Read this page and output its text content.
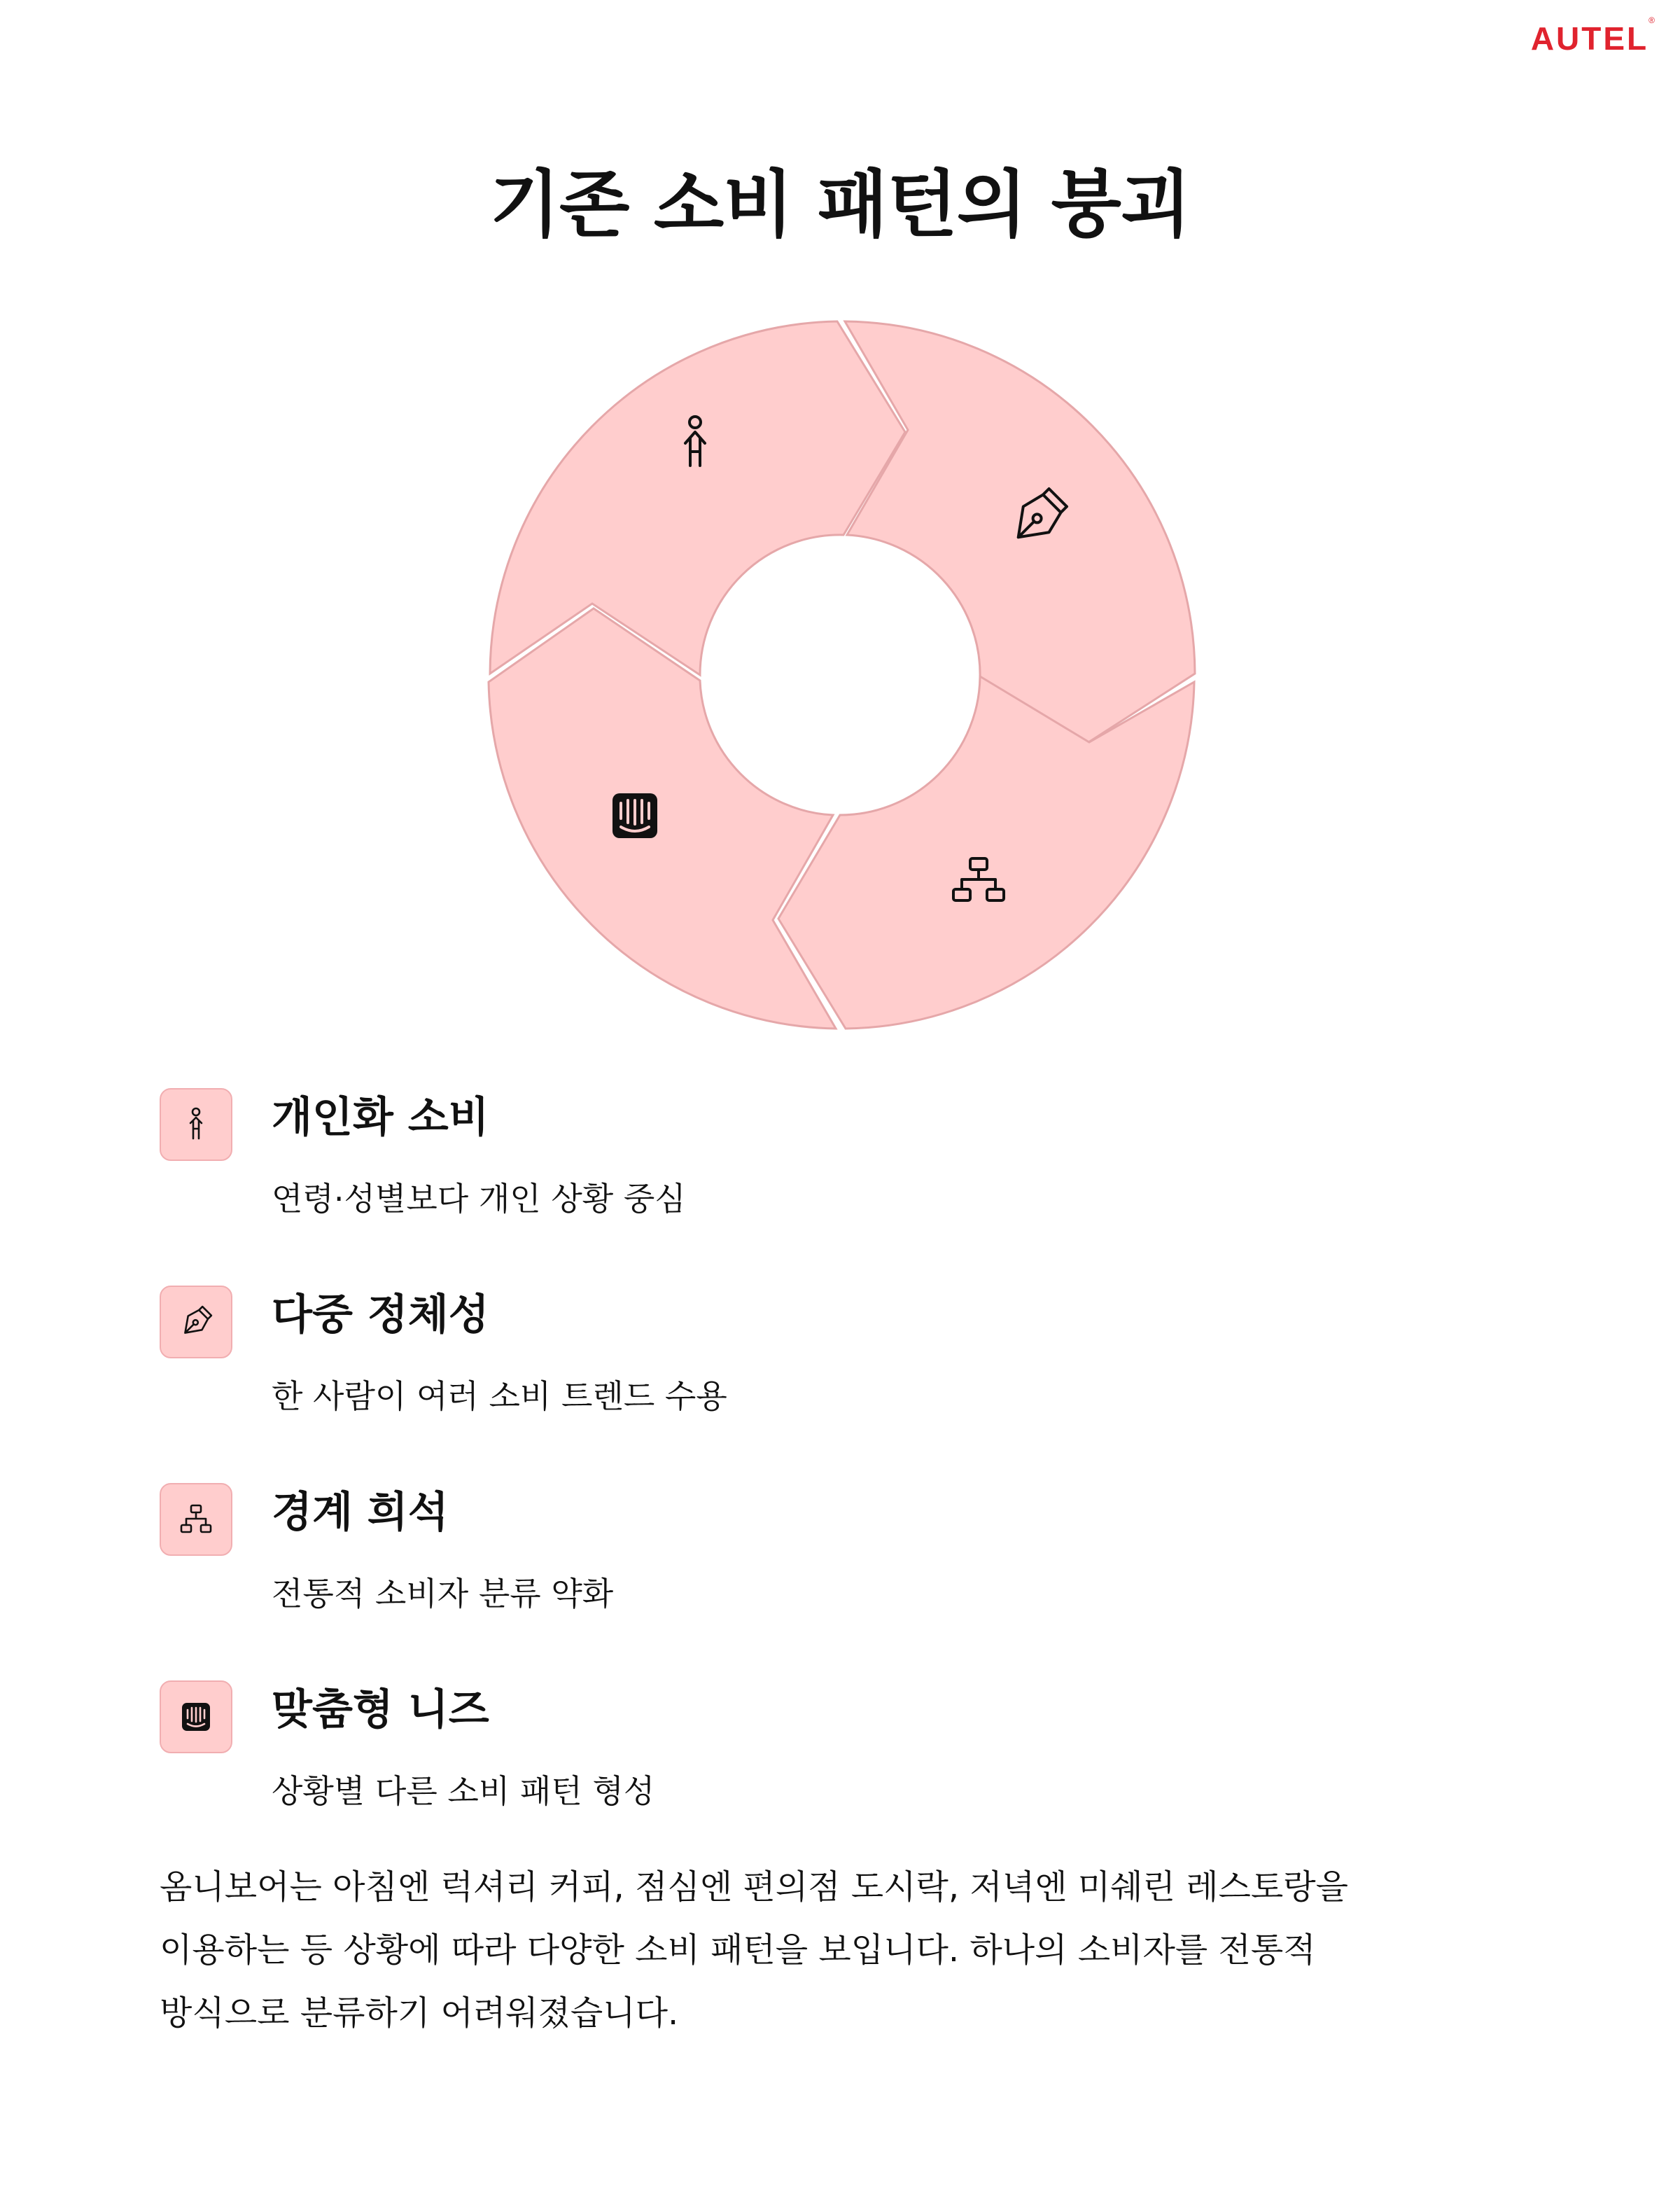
AUTEL®
기존 소비 패턴의 붕괴
개인화 소비
연령·성별보다 개인 상황 중심
다중 정체성
한 사람이 여러 소비 트렌드 수용
경계 희석
전통적 소비자 분류 약화
맞춤형 니즈
상황별 다른 소비 패턴 형성
옴니보어는 아침엔 럭셔리 커피, 점심엔 편의점 도시락, 저녁엔 미쉐린 레스토랑을
이용하는 등 상황에 따라 다양한 소비 패턴을 보입니다. 하나의 소비자를 전통적
방식으로 분류하기 어려워졌습니다.
